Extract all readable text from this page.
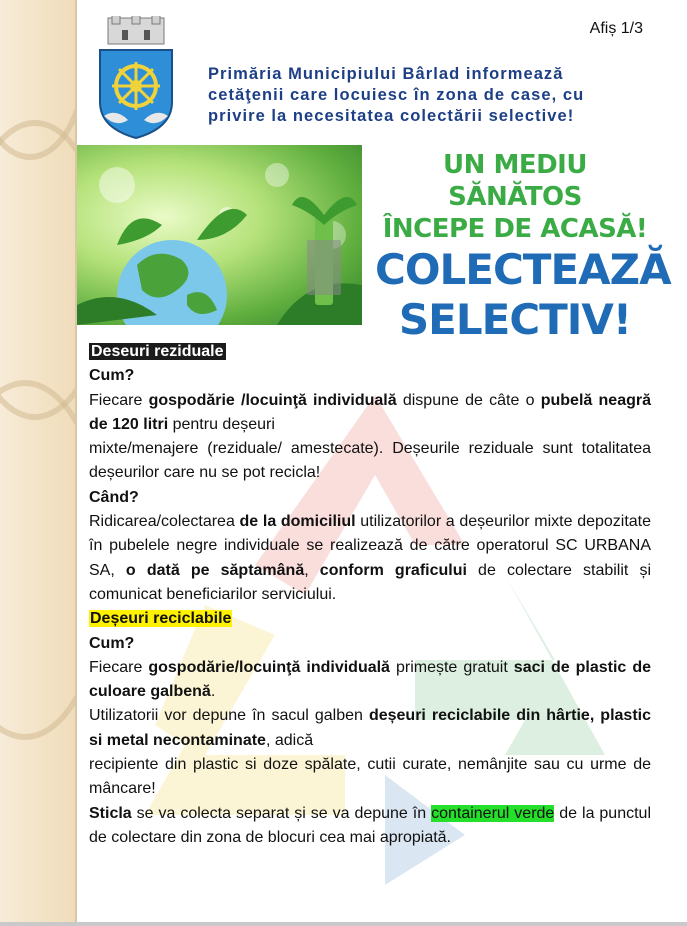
Afiș 1/3
Primăria Municipiului Bârlad informează
cetăţenii care locuiesc în zona de case, cu
privire la necesitatea colectării selective!
UN MEDIU SĂNĂTOS
ÎNCEPE DE ACASĂ!
COLECTEAZĂ
SELECTIV!

Deseuri reziduale

Cum?

Fiecare gospodărie /locuinţă individuală dispune de câte o pubelă neagră de 120 litri pentru deșeuri

mixte/menajere (reziduale/ amestecate). Deșeurile reziduale sunt totalitatea deșeurilor care nu se pot recicla!

Când?

Ridicarea/colectarea de la domiciliul utilizatorilor a deșeurilor mixte depozitate în pubelele negre individuale se realizează de către operatorul SC URBANA SA, o dată pe săptamână, conform graficului de colectare stabilit și comunicat beneficiarilor serviciului.

Deșeuri reciclabile

Cum?

Fiecare gospodărie/locuinţă individuală primește gratuit saci de plastic de culoare galbenă.

Utilizatorii vor depune în sacul galben deșeuri reciclabile din hârtie, plastic si metal necontaminate, adică

recipiente din plastic si doze spălate, cutii curate, nemânjite sau cu urme de mâncare!

Sticla se va colecta separat și se va depune în containerul verde de la punctul de colectare din zona de blocuri cea mai apropiată.
